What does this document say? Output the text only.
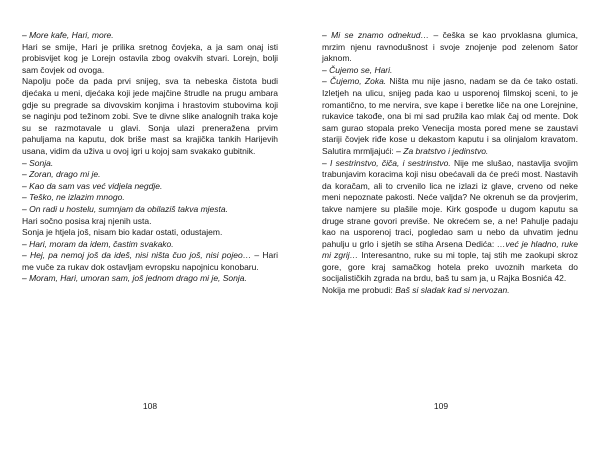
– More kafe, Hari, more.

Hari se smije, Hari je prilika sretnog čovjeka, a ja sam onaj isti probisvijet kog je Lorejn ostavila zbog ovakvih stvari. Lorejn, bolji sam čovjek od ovoga.

Napolju poče da pada prvi snijeg, sva ta nebeska čistota budi djećaka u meni, djećaka koji jede majčine štrudle na prugu ambara gdje su pregrade sa divovskim konjima i hrastovim stubovima koji se naginju pod težinom zobi. Sve te divne slike analognih traka koje su se razmotavale u glavi. Sonja ulazi preneražena prvim pahuljama na kaputu, dok briše mast sa krajička tankih Harijevih usana, vidim da uživa u ovoj igri u kojoj sam svakako gubitnik.

– Sonja.

– Zoran, drago mi je.

– Kao da sam vas već vidjela negdje.

– Teško, ne izlazim mnogo.

– On radi u hostelu, sumnjam da obilaziš takva mjesta.

Hari sočno posisa kraj njenih usta.

Sonja je htjela još, nisam bio kadar ostati, odustajem.

– Hari, moram da idem, častim svakako.

– Hej, pa nemoj još da ideš, nisi ništa čuo još, nisi pojeo… – Hari me vuče za rukav dok ostavljam evropsku napojnicu konobaru.

– Moram, Hari, umoran sam, još jednom drago mi je, Sonja.

108

– Mi se znamo odnekud… – češka se kao prvoklasna glumica, mrzim njenu ravnodušnost i svoje znojenje pod zelenom šator jaknom.

– Čujemo se, Hari.

– Čujemo, Zoka. Ništa mu nije jasno, nadam se da će tako ostati. Izletjeh na ulicu, snijeg pada kao u usporenoj filmskoj sceni, to je romantično, to me nervira, sve kape i beretke liče na one Lorejnine, rukavice takođe, ona bi mi sad pružila kao mlak čaj od mente. Dok sam gurao stopala preko Venecija mosta pored mene se zaustavi stariji čovjek riđe kose u dekastom kaputu i sa olinjalom kravatom. Salutira mrmljajući: – Za bratstvo i jedinstvo.

– I sestrinstvo, čiča, i sestrinstvo. Nije me slušao, nastavlja svojim trabunjavim koracima koji nisu obećavali da će preći most. Nastavih da koračam, ali to crvenilo lica ne izlazi iz glave, crveno od neke meni nepoznate pakosti. Neće valjda? Ne okrenuh se da provjerim, takve namjere su plašile moje. Kirk gospođe u dugom kaputu sa druge strane govori previše. Ne okrećem se, a ne! Pahulje padaju kao na usporenoj traci, pogledao sam u nebo da uhvatim jednu pahulju u grlo i sjetih se stiha Arsena Dedića: …već je hladno, ruke mi zgrij… Interesantno, ruke su mi tople, taj stih me zaokupi skroz gore, gore kraj samačkog hotela preko uvoznih marketa do socijalističkih zgrada na brdu, baš tu sam ja, u Rajka Bosnića 42.

Nokija me probudi: Baš si sladak kad si nervozan.

109
